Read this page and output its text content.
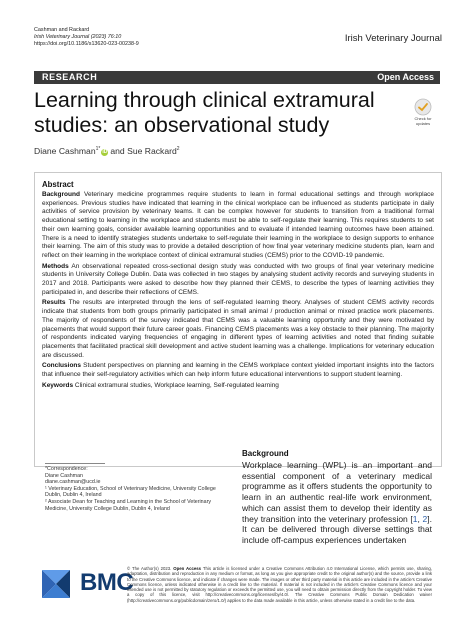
Cashman and Rackard
Irish Veterinary Journal (2023) 76:10
https://doi.org/10.1186/s13620-023-00238-9	Irish Veterinary Journal
RESEARCH	Open Access
Learning through clinical extramural studies: an observational study	Check for
updates
Diane Cashman$^{1*}$ iD and Sue Rackard$^2$
Abstract
Background Veterinary medicine programmes require students to learn in formal educational settings and through workplace experiences. Previous studies have indicated that learning in the clinical workplace can be influenced as students participate in daily activities of service provision by veterinary teams. It can be complex however for students to transition from a traditional formal educational setting to learning in the workplace and students must be able to self-regulate their learning. This requires students to set their own learning goals, consider available learning opportunities and to evaluate if intended learning outcomes have been attained. There is a need to identify strategies students undertake to self-regulate their learning in the workplace to design supports to enhance their learning. The aim of this study was to provide a detailed description of how final year veterinary medicine students plan, learn and reflect on their learning in the workplace context of clinical extramural studies (CEMS) prior to the COVID-19 pandemic.
Methods An observational repeated cross-sectional design study was conducted with two groups of final year veterinary medicine students in University College Dublin. Data was collected in two stages by analysing student activity records and surveying students in 2017 and 2018. Participants were asked to describe how they planned their CEMS, to describe the types of learning activities they participated in, and describe their reflections of CEMS.
Results The results are interpreted through the lens of self-regulated learning theory. Analyses of student CEMS activity records indicate that students from both groups primarily participated in small animal / production animal or mixed practice work placements. The majority of respondents of the survey indicated that CEMS was a valuable learning opportunity and they were motivated by placements that would support their future career goals. Financing CEMS placements was a key obstacle to their planning. The majority of respondents indicated varying frequencies of engaging in different types of learning activities and noted that finding suitable placements that facilitated practical skill development and active student learning was a challenge. Implications for veterinary education are discussed.
Conclusions Student perspectives on planning and learning in the CEMS workplace context yielded important insights into the factors that influence their self-regulatory activities which can help inform future educational interventions to support student learning.
Keywords Clinical extramural studies, Workplace learning, Self-regulated learning
*Correspondence:
Diane Cashman
diane.cashman@ucd.ie
¹ Veterinary Education, School of Veterinary Medicine, University College
Dublin, Dublin 4, Ireland
² Associate Dean for Teaching and Learning in the School of Veterinary
Medicine, University College Dublin, Dublin 4, Ireland
Background
Workplace learning (WPL) is an important and essential component of a veterinary medical programme as it offers students the opportunity to learn in an authentic real-life work environment, which can assist them to develop their identity as they transition into the veterinary profession [1, 2]. It can be delivered through diverse settings that include off-campus experiences undertaken
BMC
© The Author(s) 2023. Open Access This article is licensed under a Creative Commons Attribution 4.0 International License, which permits use, sharing, adaptation, distribution and reproduction in any medium or format, as long as you give appropriate credit to the original author(s) and the source, provide a link to the Creative Commons licence, and indicate if changes were made. The images or other third party material in this article are included in the article's Creative Commons licence, unless indicated otherwise in a credit line to the material. If material is not included in the article's Creative Commons licence and your intended use is not permitted by statutory regulation or exceeds the permitted use, you will need to obtain permission directly from the copyright holder. To view a copy of this licence, visit http://creativecommons.org/licenses/by/4.0/. The Creative Commons Public Domain Dedication waiver (http://creativecommons.org/publicdomain/zero/1.0/) applies to the data made available in this article, unless otherwise stated in a credit line to the data.
